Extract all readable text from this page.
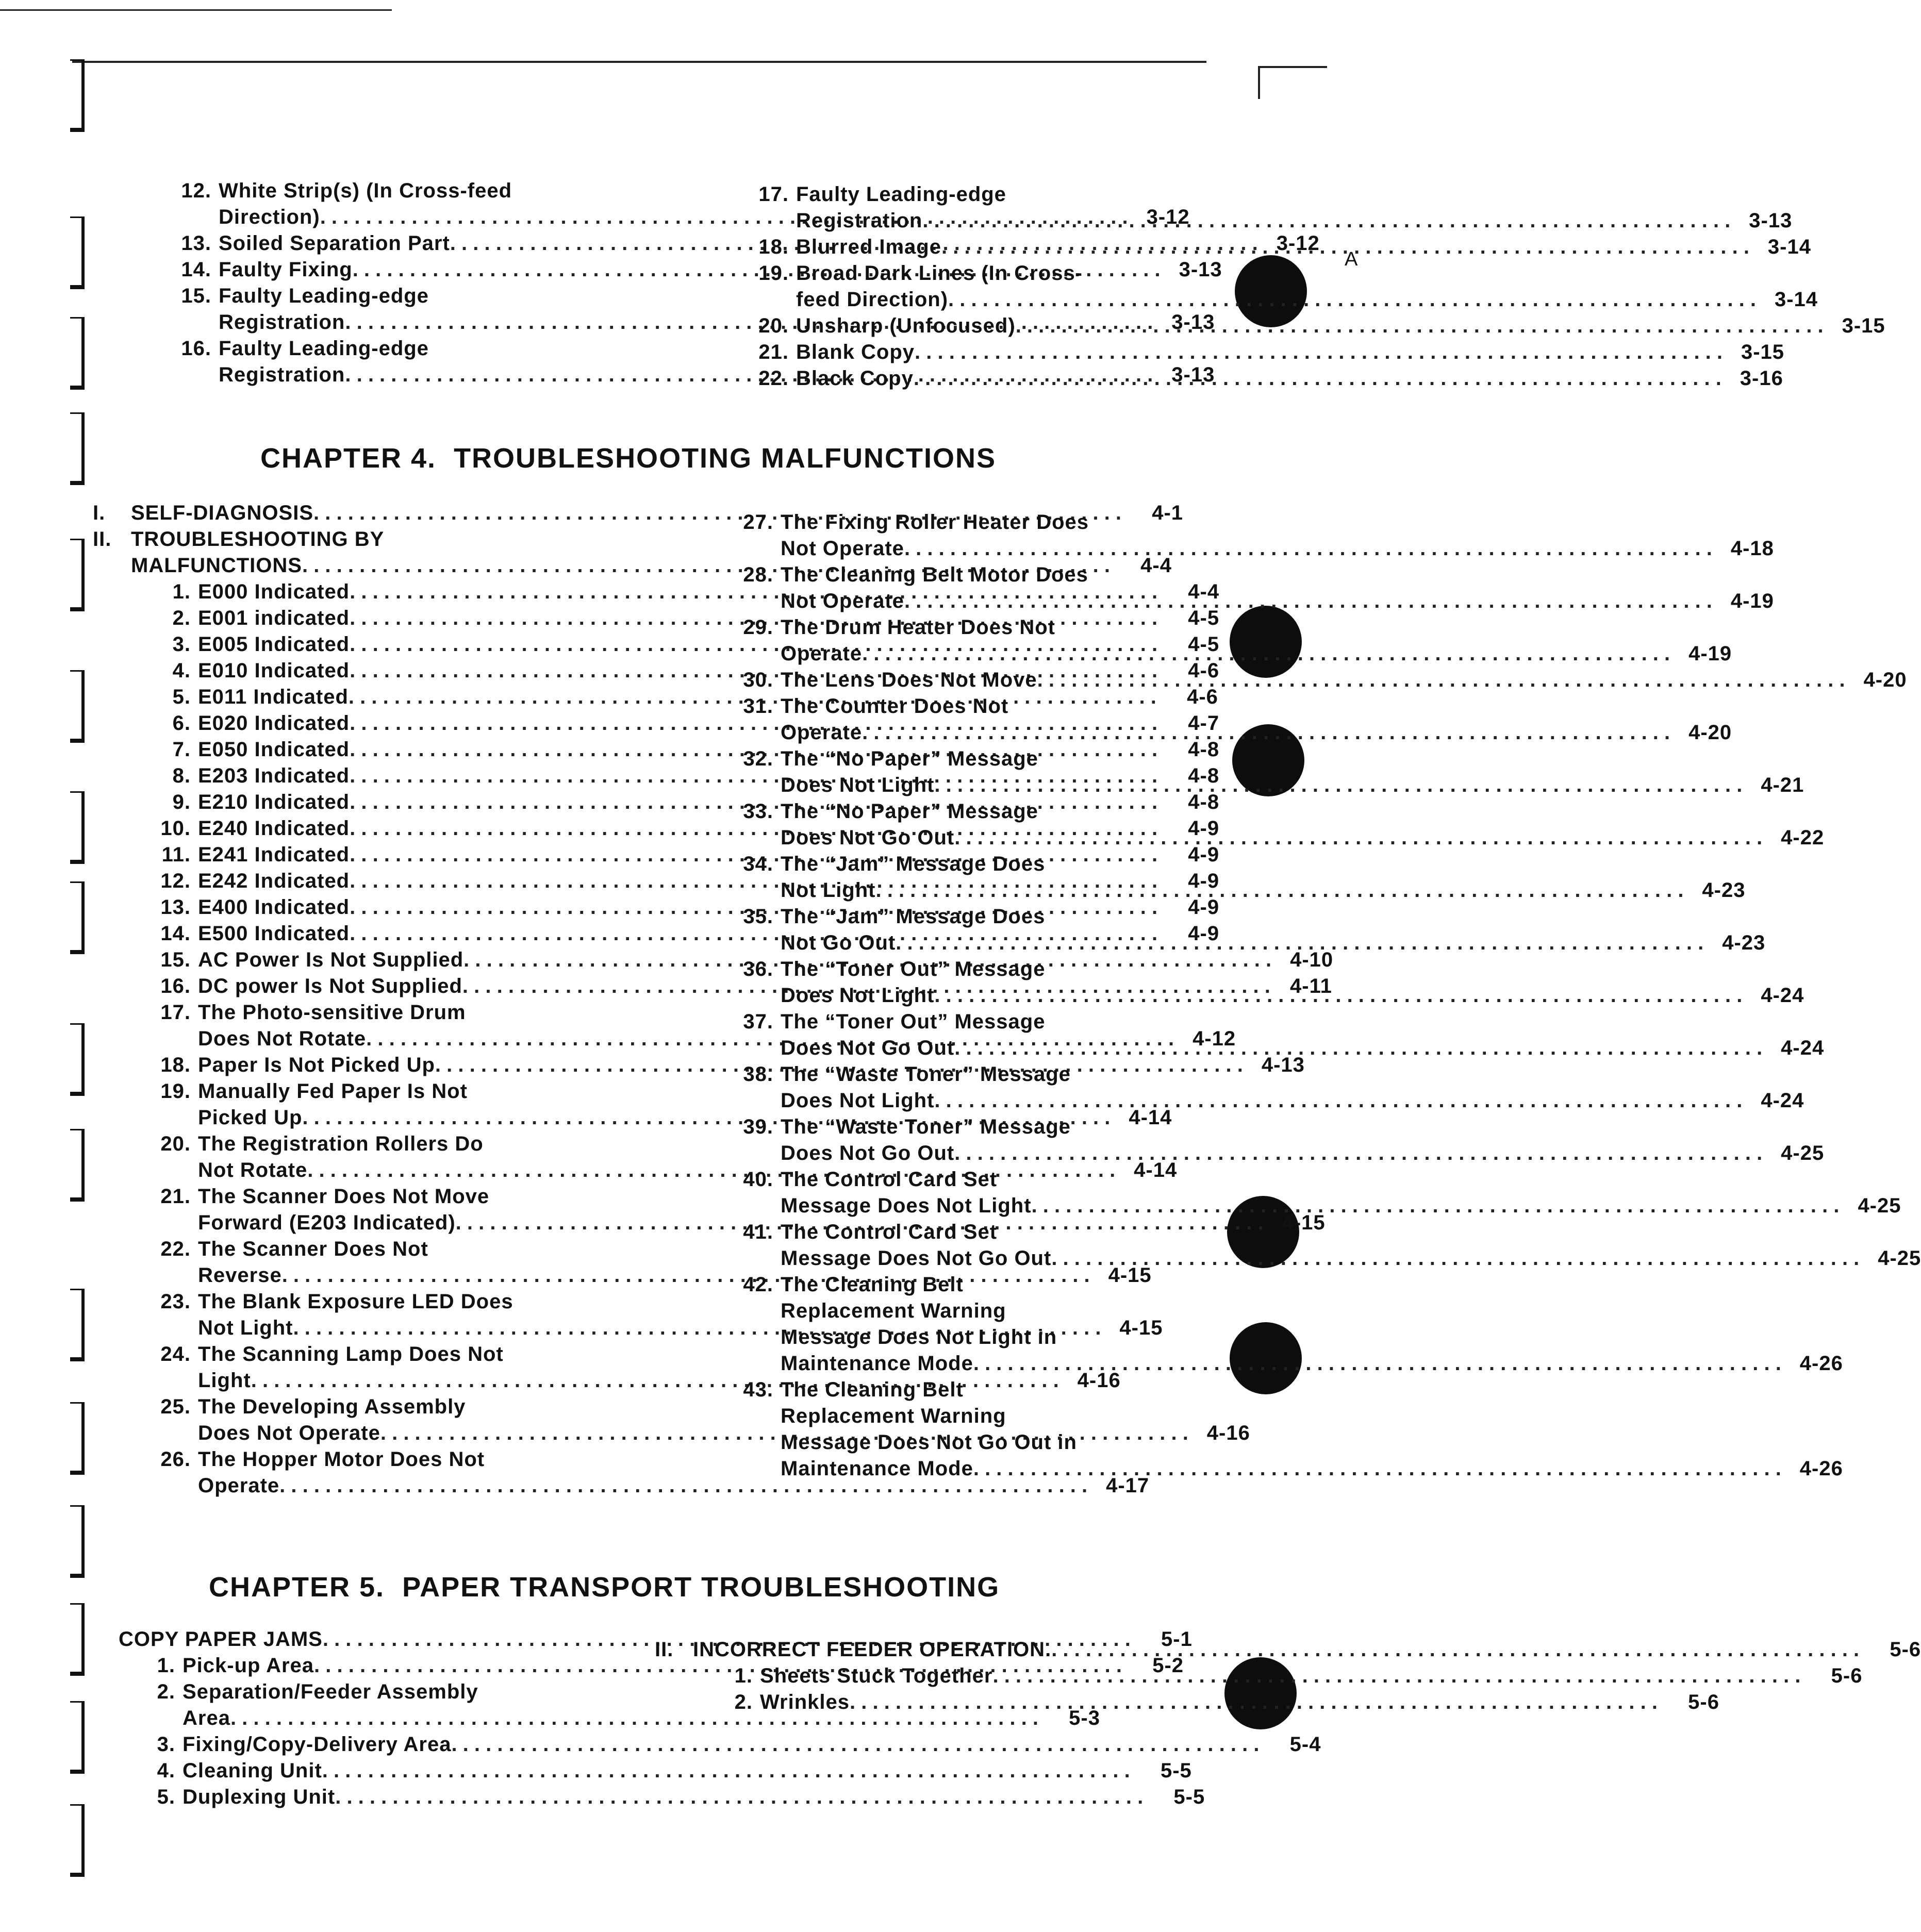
A
12. White Strip(s) (In Cross-feed
Direction) . . .	3-12
13. Soiled Separation Part . . .	3-12
14. Faulty Fixing . . .	3-13
15. Faulty Leading-edge
Registration . . .	3-13
16. Faulty Leading-edge
Registration . . .	3-13
17. Faulty Leading-edge
Registration . . .	3-13
18. Blurred Image . . .	3-14
19. Broad Dark Lines (In Cross-
feed Direction) . . .	3-14
20. Unsharp (Unfocused) . . .	3-15
21. Blank Copy . . .	3-15
22. Black Copy . . .	3-16
CHAPTER 4. TROUBLESHOOTING MALFUNCTIONS
I.	SELF-DIAGNOSIS . . .	4-1
II. TROUBLESHOOTING BY
MALFUNCTIONS . . .	4-4
1. E000 Indicated . . .	4-4
2. E001 indicated . . .	4-5
3. E005 Indicated . . .	4-5
4. E010 Indicated . . .	4-6
5. E011 Indicated . . .	4-6
6. E020 Indicated . . .	4-7
7. E050 Indicated . . .	4-8
8. E203 Indicated . . .	4-8
9. E210 Indicated . . .	4-8
10. E240 Indicated . . .	4-9
11. E241 Indicated . . .	4-9
12. E242 Indicated . . .	4-9
13. E400 Indicated . . .	4-9
14. E500 Indicated . . .	4-9
15. AC Power Is Not Supplied . . .	4-10
16. DC power Is Not Supplied . . .	4-11
17. The Photo-sensitive Drum
Does Not Rotate . . .	4-12
18. Paper Is Not Picked Up . . .	4-13
19. Manually Fed Paper Is Not
Picked Up . . .	4-14
20. The Registration Rollers Do
Not Rotate . . .	4-14
21. The Scanner Does Not Move
Forward (E203 Indicated) . . .	4-15
22. The Scanner Does Not
Reverse . . .	4-15
23. The Blank Exposure LED Does
Not Light . . .	4-15
24. The Scanning Lamp Does Not
Light . . .	4-16
25. The Developing Assembly
Does Not Operate . . .	4-16
26. The Hopper Motor Does Not
Operate . . .	4-17
27. The Fixing Roller Heater Does
Not Operate . . .	4-18
28. The Cleaning Belt Motor Does
Not Operate . . .	4-19
29. The Drum Heater Does Not
Operate . . .	4-19
30. The Lens Does Not Move . . .	4-20
31. The Counter Does Not
Operate . . .	4-20
32. The “No Paper” Message
Does Not Light . . .	4-21
33. The “No Paper” Message
Does Not Go Out . . .	4-22
34. The “Jam” Message Does
Not Light . . .	4-23
35. The “Jam” Message Does
Not Go Out . . .	4-23
36. The “Toner Out” Message
Does Not Light . . .	4-24
37. The “Toner Out” Message
Does Not Go Out . . .	4-24
38. The “Waste Toner” Message
Does Not Light . . .	4-24
39. The “Waste Toner” Message
Does Not Go Out . . .	4-25
40. The Control Card Set
Message Does Not Light . . .	4-25
41. The Control Card Set
Message Does Not Go Out . . .	4-25
42. The Cleaning Belt
Replacement Warning
Message Does Not Light in
Maintenance Mode . . .	4-26
43. The Cleaning Belt
Replacement Warning
Message Does Not Go Out in
Maintenance Mode . . .	4-26
CHAPTER 5. PAPER TRANSPORT TROUBLESHOOTING
COPY PAPER JAMS . . .	5-1
1. Pick-up Area . . .	5-2
2. Separation/Feeder Assembly
Area . . .	5-3
3. Fixing/Copy-Delivery Area . . .	5-4
4. Cleaning Unit . . .	5-5
5. Duplexing Unit . . .	5-5
II. INCORRECT FEEDER OPERATION. . . .	5-6
1. Sheets Stuck Together . . .	5-6
2. Wrinkles . . .	5-6
